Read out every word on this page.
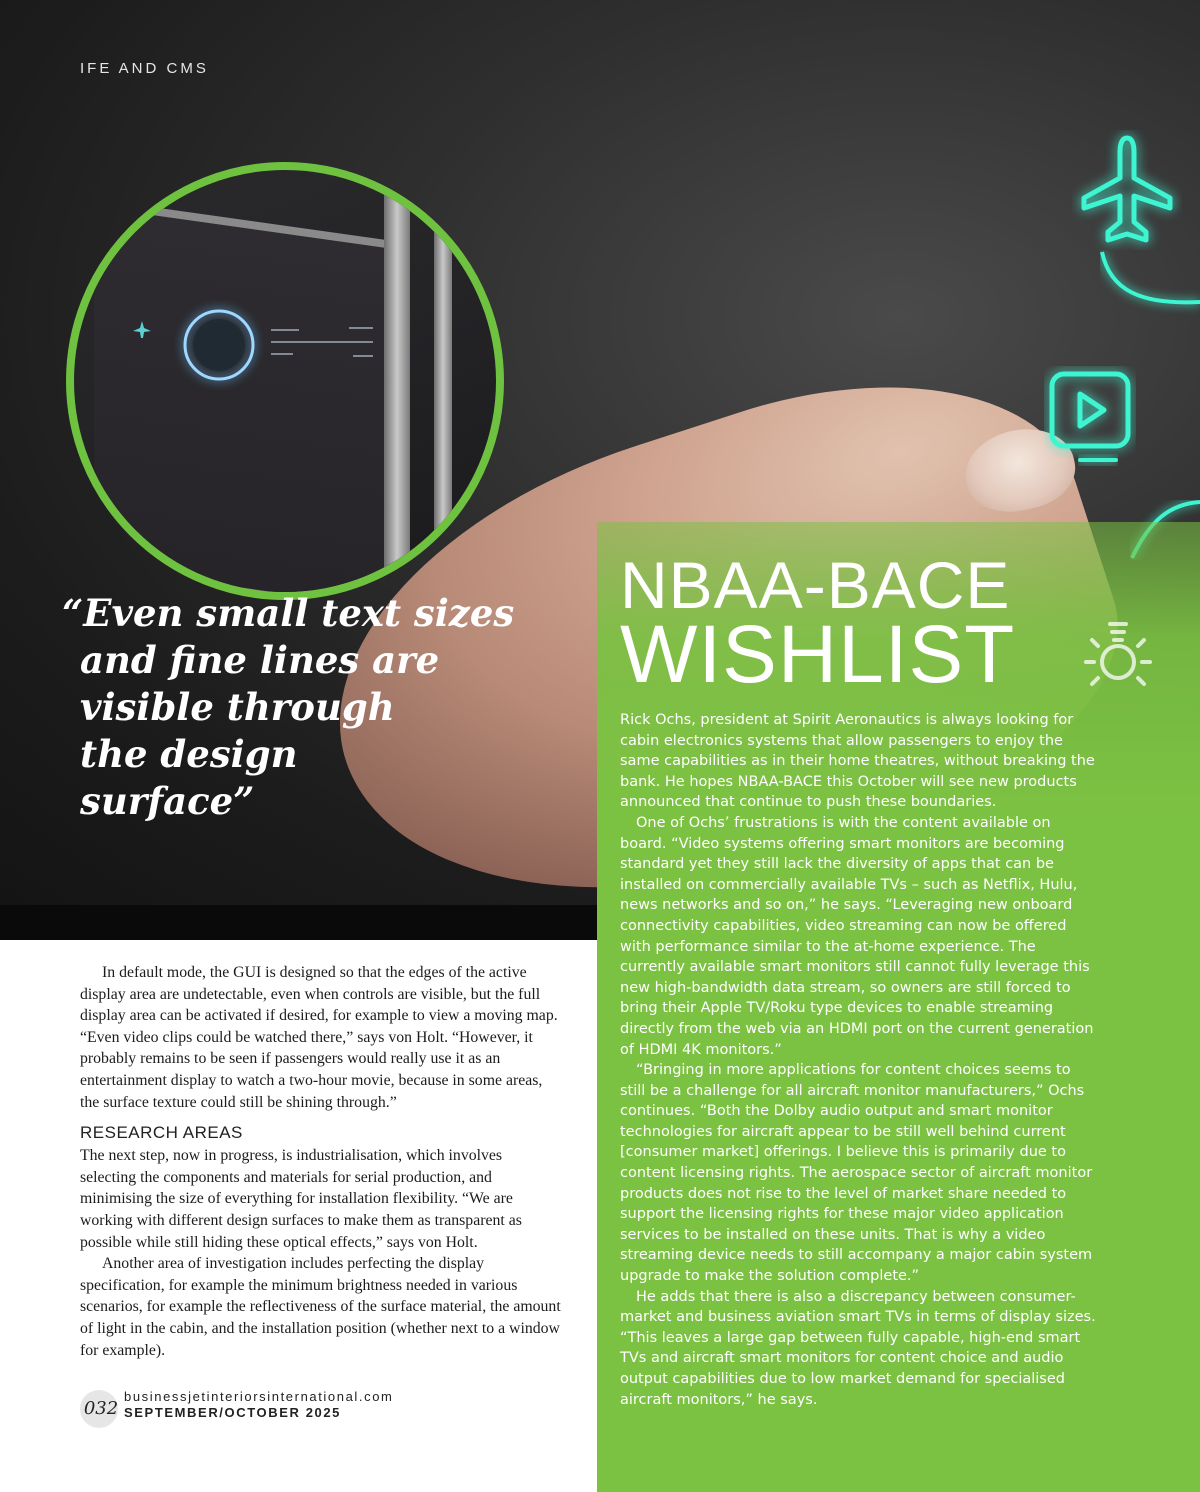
IFE AND CMS
“Even small text sizes
and fine lines are
visible through
the design
surface”
NBAA-BACE
WISHLIST

Rick Ochs, president at Spirit Aeronautics is always looking for cabin electronics systems that allow passengers to enjoy the same capabilities as in their home theatres, without breaking the bank. He hopes NBAA-BACE this October will see new products announced that continue to push these boundaries.

One of Ochs’ frustrations is with the content available on board. “Video systems offering smart monitors are becoming standard yet they still lack the diversity of apps that can be installed on commercially available TVs – such as Netflix, Hulu, news networks and so on,” he says. “Leveraging new onboard connectivity capabilities, video streaming can now be offered with performance similar to the at-home experience. The currently available smart monitors still cannot fully leverage this new high-bandwidth data stream, so owners are still forced to bring their Apple TV/Roku type devices to enable streaming directly from the web via an HDMI port on the current generation of HDMI 4K monitors.”

“Bringing in more applications for content choices seems to still be a challenge for all aircraft monitor manufacturers,” Ochs continues. “Both the Dolby audio output and smart monitor technologies for aircraft appear to be still well behind current [consumer market] offerings. I believe this is primarily due to content licensing rights. The aerospace sector of aircraft monitor products does not rise to the level of market share needed to support the licensing rights for these major video application services to be installed on these units. That is why a video streaming device needs to still accompany a major cabin system upgrade to make the solution complete.”

He adds that there is also a discrepancy between consumer-market and business aviation smart TVs in terms of display sizes. “This leaves a large gap between fully capable, high-end smart TVs and aircraft smart monitors for content choice and audio output capabilities due to low market demand for specialised aircraft monitors,” he says.

In default mode, the GUI is designed so that the edges of the active display area are undetectable, even when controls are visible, but the full display area can be activated if desired, for example to view a moving map. “Even video clips could be watched there,” says von Holt. “However, it probably remains to be seen if passengers would really use it as an entertainment display to watch a two-hour movie, because in some areas, the surface texture could still be shining through.”

RESEARCH AREAS

The next step, now in progress, is industrialisation, which involves selecting the components and materials for serial production, and minimising the size of everything for installation flexibility. “We are working with different design surfaces to make them as transparent as possible while still hiding these optical effects,” says von Holt.

Another area of investigation includes perfecting the display specification, for example the minimum brightness needed in various scenarios, for example the reflectiveness of the surface material, the amount of light in the cabin, and the installation position (whether next to a window for example).

032
businessjetinteriorsinternational.com
SEPTEMBER/OCTOBER 2025
